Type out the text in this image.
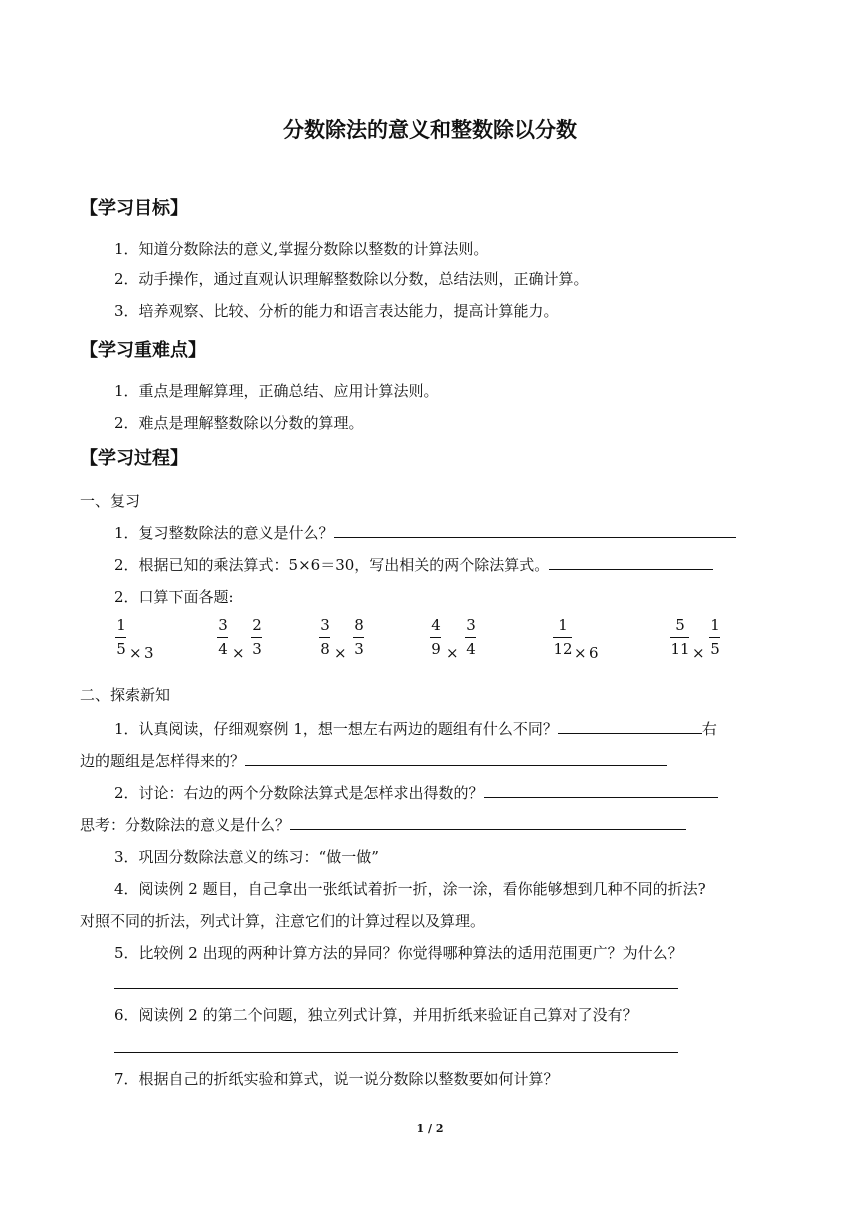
分数除法的意义和整数除以分数
【学习目标】
1．知道分数除法的意义,掌握分数除以整数的计算法则。
2．动手操作，通过直观认识理解整数除以分数，总结法则，正确计算。
3．培养观察、比较、分析的能力和语言表达能力，提高计算能力。
【学习重难点】
1．重点是理解算理，正确总结、应用计算法则。
2．难点是理解整数除以分数的算理。
【学习过程】
一、复习
1．复习整数除法的意义是什么？
2．根据已知的乘法算式：5×6＝30，写出相关的两个除法算式。
2．口算下面各题:
1
5 × 3
3
4 ×
2
3
3
8 ×
8
3
4
9 ×
3
4
1
12 × 6
5
11 ×
1
5
二、探索新知
1．认真阅读，仔细观察例 1，想一想左右两边的题组有什么不同？	右
边的题组是怎样得来的？
2．讨论：右边的两个分数除法算式是怎样求出得数的？
思考：分数除法的意义是什么？
3．巩固分数除法意义的练习：“做一做”
4．阅读例 2 题目，自己拿出一张纸试着折一折，涂一涂，看你能够想到几种不同的折法?
对照不同的折法，列式计算，注意它们的计算过程以及算理。
5．比较例 2 出现的两种计算方法的异同？你觉得哪种算法的适用范围更广？为什么？
6．阅读例 2 的第二个问题，独立列式计算，并用折纸来验证自己算对了没有？
7．根据自己的折纸实验和算式，说一说分数除以整数要如何计算？
1 / 2
